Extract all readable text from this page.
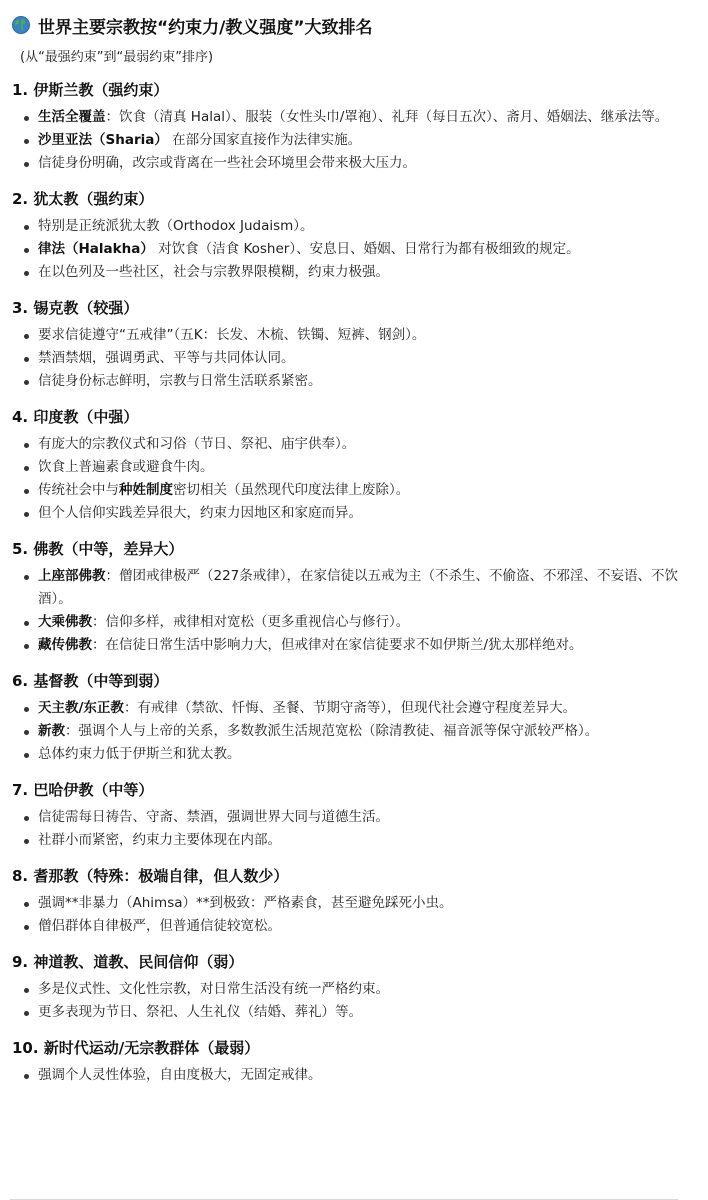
世界主要宗教按“约束力/教义强度”大致排名
(从“最强约束”到“最弱约束”排序)
1. 伊斯兰教（强约束）
生活全覆盖：饮食（清真 Halal）、服装（女性头巾/罩袍）、礼拜（每日五次）、斋月、婚姻法、继承法等。
沙里亚法（Sharia） 在部分国家直接作为法律实施。
信徒身份明确，改宗或背离在一些社会环境里会带来极大压力。
2. 犹太教（强约束）
特别是正统派犹太教（Orthodox Judaism）。
律法（Halakha） 对饮食（洁食 Kosher）、安息日、婚姻、日常行为都有极细致的规定。
在以色列及一些社区，社会与宗教界限模糊，约束力极强。
3. 锡克教（较强）
要求信徒遵守“五戒律”（五K：长发、木梳、铁镯、短裤、钢剑）。
禁酒禁烟，强调勇武、平等与共同体认同。
信徒身份标志鲜明，宗教与日常生活联系紧密。
4. 印度教（中强）
有庞大的宗教仪式和习俗（节日、祭祀、庙宇供奉）。
饮食上普遍素食或避食牛肉。
传统社会中与种姓制度密切相关（虽然现代印度法律上废除）。
但个人信仰实践差异很大，约束力因地区和家庭而异。
5. 佛教（中等，差异大）
上座部佛教：僧团戒律极严（227条戒律），在家信徒以五戒为主（不杀生、不偷盗、不邪淫、不妄语、不饮酒）。
大乘佛教：信仰多样，戒律相对宽松（更多重视信心与修行）。
藏传佛教：在信徒日常生活中影响力大，但戒律对在家信徒要求不如伊斯兰/犹太那样绝对。
6. 基督教（中等到弱）
天主教/东正教：有戒律（禁欲、忏悔、圣餐、节期守斋等），但现代社会遵守程度差异大。
新教：强调个人与上帝的关系，多数教派生活规范宽松（除清教徒、福音派等保守派较严格）。
总体约束力低于伊斯兰和犹太教。
7. 巴哈伊教（中等）
信徒需每日祷告、守斋、禁酒，强调世界大同与道德生活。
社群小而紧密，约束力主要体现在内部。
8. 耆那教（特殊：极端自律，但人数少）
强调**非暴力（Ahimsa）**到极致：严格素食，甚至避免踩死小虫。
僧侣群体自律极严，但普通信徒较宽松。
9. 神道教、道教、民间信仰（弱）
多是仪式性、文化性宗教，对日常生活没有统一严格约束。
更多表现为节日、祭祀、人生礼仪（结婚、葬礼）等。
10. 新时代运动/无宗教群体（最弱）
强调个人灵性体验，自由度极大，无固定戒律。
